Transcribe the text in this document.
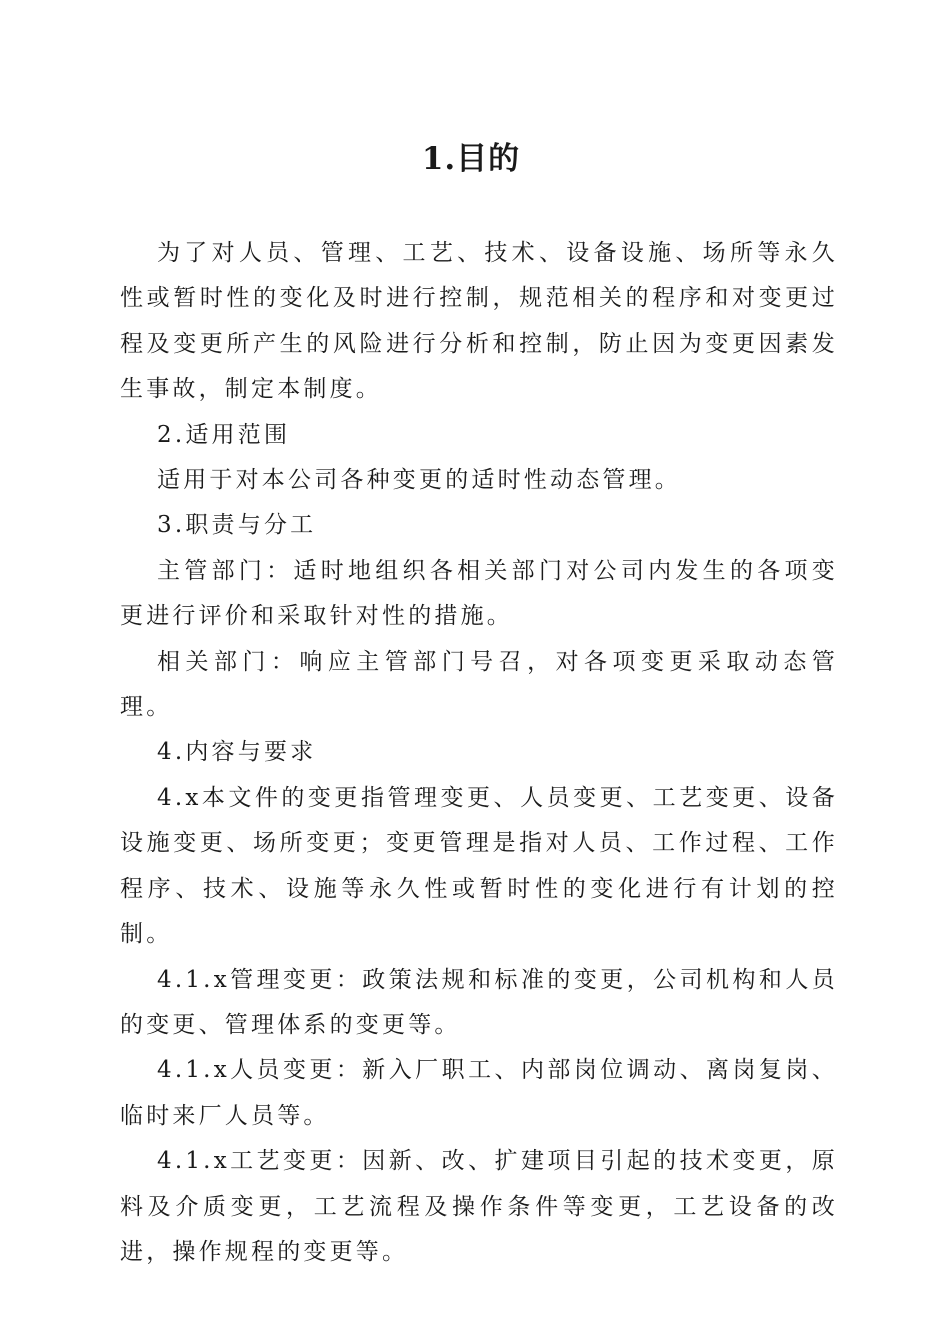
1.目的

为了对人员、管理、工艺、技术、设备设施、场所等永久性或暂时性的变化及时进行控制，规范相关的程序和对变更过程及变更所产生的风险进行分析和控制，防止因为变更因素发生事故，制定本制度。

2.适用范围

适用于对本公司各种变更的适时性动态管理。

3.职责与分工

主管部门：适时地组织各相关部门对公司内发生的各项变更进行评价和采取针对性的措施。

相关部门：响应主管部门号召，对各项变更采取动态管理。

4.内容与要求

4.x本文件的变更指管理变更、人员变更、工艺变更、设备设施变更、场所变更；变更管理是指对人员、工作过程、工作程序、技术、设施等永久性或暂时性的变化进行有计划的控制。

4.1.x管理变更：政策法规和标准的变更，公司机构和人员的变更、管理体系的变更等。

4.1.x人员变更：新入厂职工、内部岗位调动、离岗复岗、临时来厂人员等。

4.1.x工艺变更：因新、改、扩建项目引起的技术变更，原料及介质变更，工艺流程及操作条件等变更，工艺设备的改进，操作规程的变更等。
